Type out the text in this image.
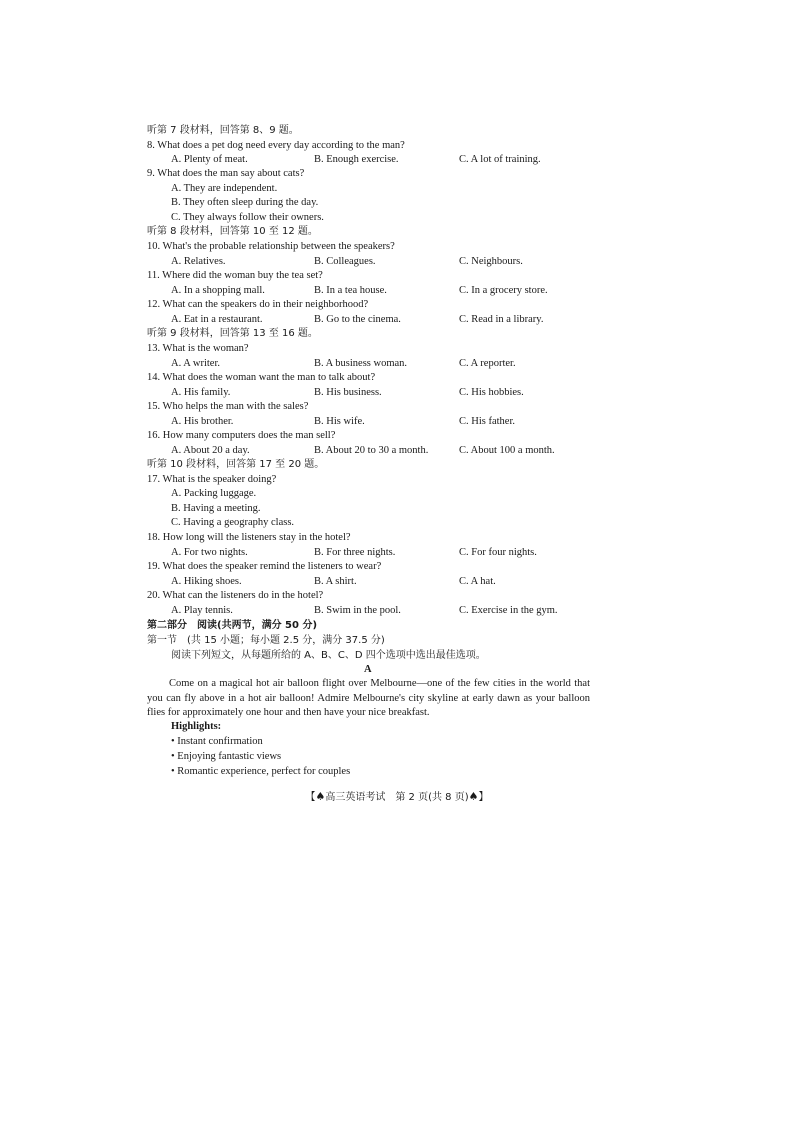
听第 7 段材料，回答第 8、9 题。
8. What does a pet dog need every day according to the man?
A. Plenty of meat.	B. Enough exercise.	C. A lot of training.
9. What does the man say about cats?
A. They are independent.
B. They often sleep during the day.
C. They always follow their owners.
听第 8 段材料，回答第 10 至 12 题。
10. What's the probable relationship between the speakers?
A. Relatives.	B. Colleagues.	C. Neighbours.
11. Where did the woman buy the tea set?
A. In a shopping mall.	B. In a tea house.	C. In a grocery store.
12. What can the speakers do in their neighborhood?
A. Eat in a restaurant.	B. Go to the cinema.	C. Read in a library.
听第 9 段材料，回答第 13 至 16 题。
13. What is the woman?
A. A writer.	B. A business woman.	C. A reporter.
14. What does the woman want the man to talk about?
A. His family.	B. His business.	C. His hobbies.
15. Who helps the man with the sales?
A. His brother.	B. His wife.	C. His father.
16. How many computers does the man sell?
A. About 20 a day.	B. About 20 to 30 a month.	C. About 100 a month.
听第 10 段材料，回答第 17 至 20 题。
17. What is the speaker doing?
A. Packing luggage.
B. Having a meeting.
C. Having a geography class.
18. How long will the listeners stay in the hotel?
A. For two nights.	B. For three nights.	C. For four nights.
19. What does the speaker remind the listeners to wear?
A. Hiking shoes.	B. A shirt.	C. A hat.
20. What can the listeners do in the hotel?
A. Play tennis.	B. Swim in the pool.	C. Exercise in the gym.
第二部分　阅读(共两节，满分 50 分)
第一节　(共 15 小题；每小题 2.5 分，满分 37.5 分)
阅读下列短文，从每题所给的 A、B、C、D 四个选项中选出最佳选项。
A
Come on a magical hot air balloon flight over Melbourne—one of the few cities in the world that you can fly above in a hot air balloon! Admire Melbourne's city skyline at early dawn as your balloon flies for approximately one hour and then have your nice breakfast.
Highlights:
• Instant confirmation
• Enjoying fantastic views
• Romantic experience, perfect for couples
【♠高三英语考试　第 2 页(共 8 页)♠】
